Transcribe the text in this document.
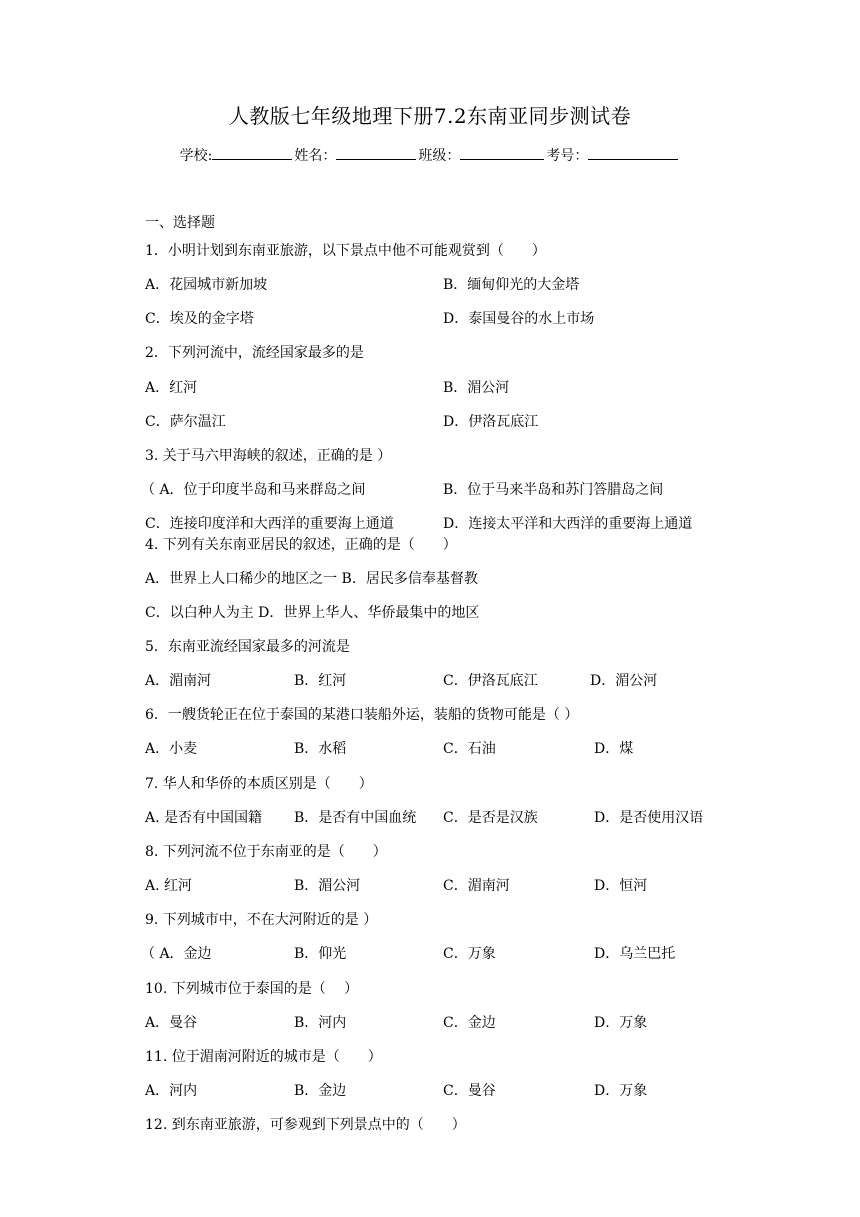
人教版七年级地理下册7.2东南亚同步测试卷
学校:	姓名：	班级：	考号：
一、选择题
1．小明计划到东南亚旅游，以下景点中他不可能观赏到（　　）
A．花园城市新加坡	B．缅甸仰光的大金塔
C．埃及的金字塔	D．泰国曼谷的水上市场
2．下列河流中，流经国家最多的是
A．红河	B．湄公河
C．萨尔温江	D．伊洛瓦底江
3. 关于马六甲海峡的叙述，正确的是 ）
（ A．位于印度半岛和马来群岛之间	B．位于马来半岛和苏门答腊岛之间
C．连接印度洋和大西洋的重要海上通道	D．连接太平洋和大西洋的重要海上通道
4. 下列有关东南亚居民的叙述，正确的是（　　）
A．世界上人口稀少的地区之一 B．居民多信奉基督教
C．以白种人为主 D．世界上华人、华侨最集中的地区
5．东南亚流经国家最多的河流是
A．湄南河	B．红河	C．伊洛瓦底江	D．湄公河
6．一艘货轮正在位于泰国的某港口装船外运，装船的货物可能是（ ）
A．小麦	B．水稻	C．石油	D．煤
7. 华人和华侨的本质区别是（　　）
A. 是否有中国国籍 B．是否有中国血统 C．是否是汉族	D．是否使用汉语
8. 下列河流不位于东南亚的是（　　）
A. 红河	B．湄公河	C．湄南河	D．恒河
9. 下列城市中，不在大河附近的是 ）
（ A．金边	B．仰光	C．万象	D．乌兰巴托
10. 下列城市位于泰国的是（　 ）
A．曼谷	B．河内	C．金边	D．万象
11. 位于湄南河附近的城市是（　　）
A．河内	B．金边	C．曼谷	D．万象
12. 到东南亚旅游，可参观到下列景点中的（　　）
